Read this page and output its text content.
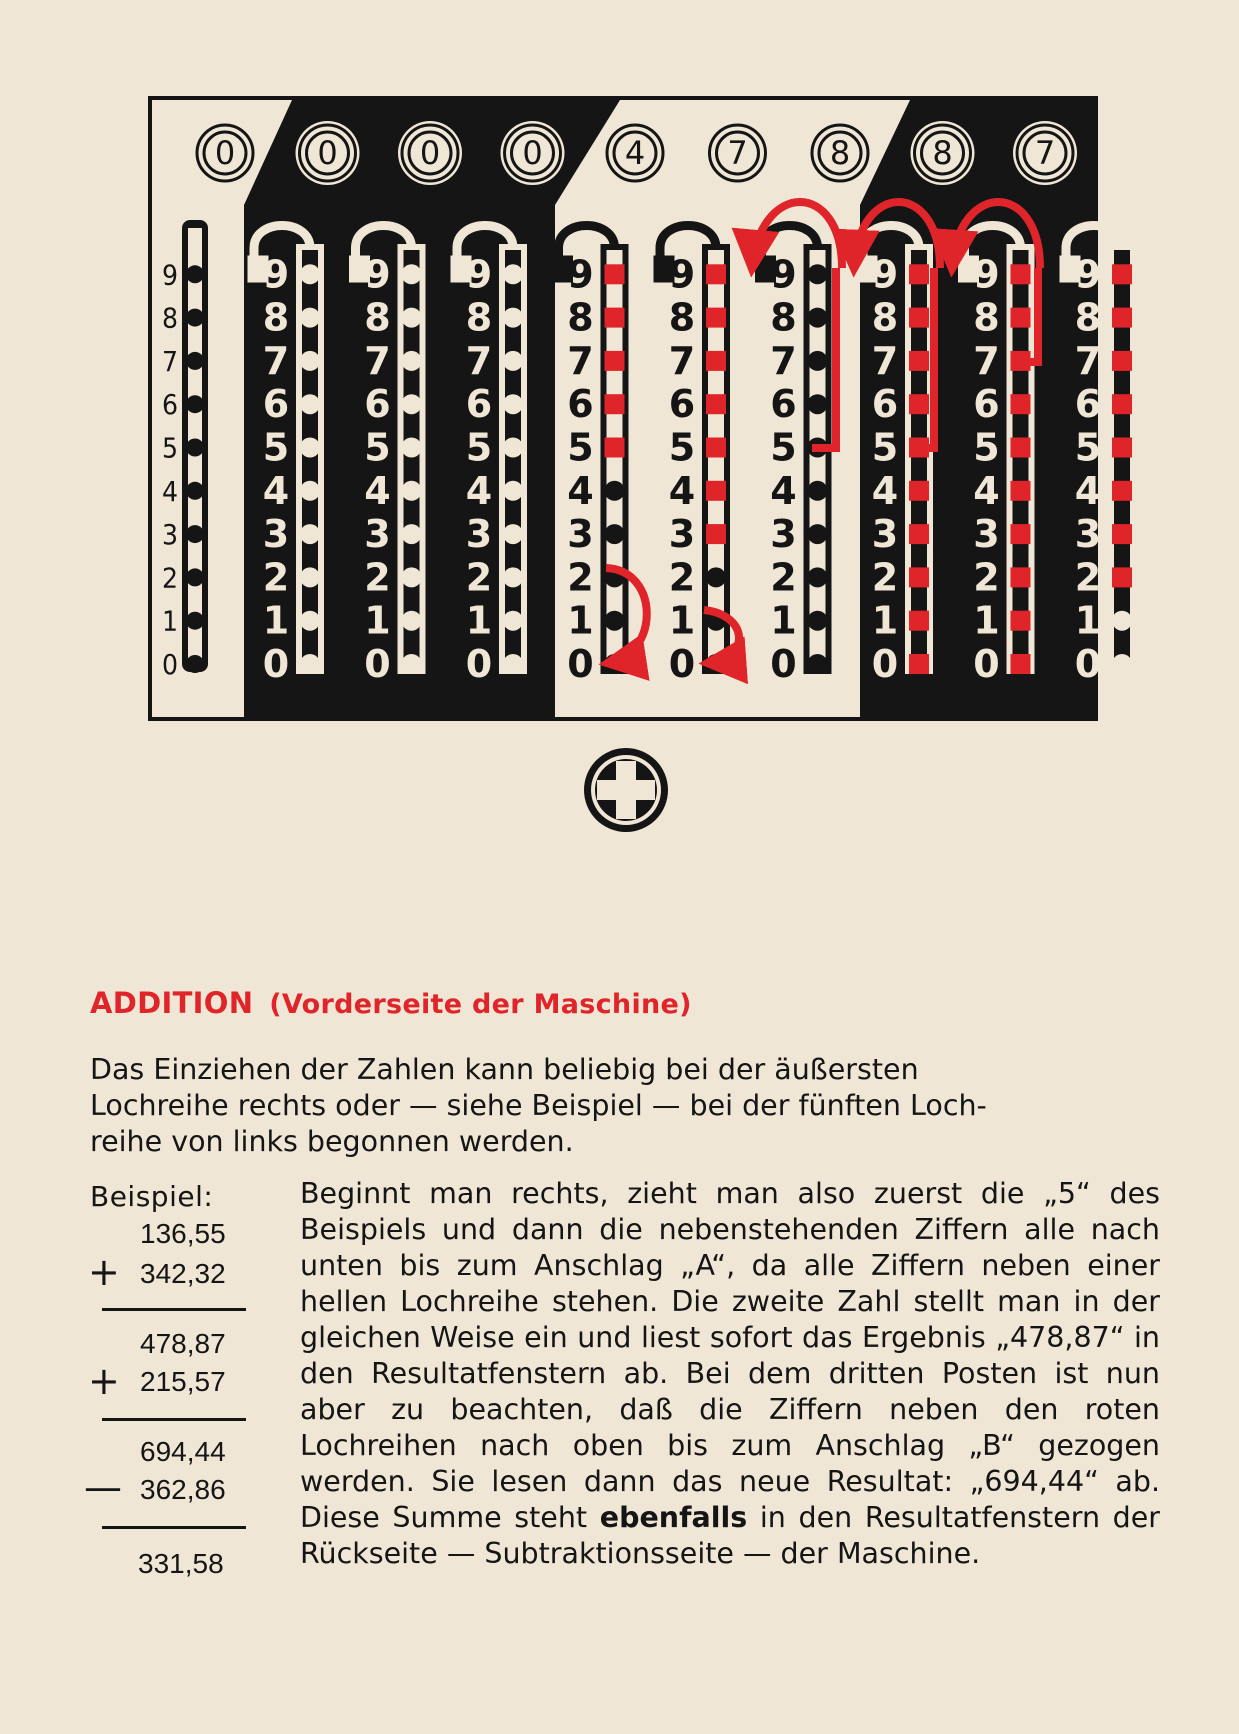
0	0	0	0	4	7	8	8	7
9
8
7
6
5
4
3
2
1
0
9
8
7
6
5
4
3
2
1
0
9
8
7
6
5
4
3
2
1
0
9
8
7
6
5
4
3
2
1
0
9
8
7
6
5
4
3
2
1
0
9
8
7
6
5
4
3
2
1
0
9
8
7
6
5
4
3
2
1
0
9
8
7
6
5
4
3
2
1
0
9
8
7
6
5
4
3
2
1
0
9
8
7
6
5
4
3
2
1
0
ADDITION (Vorderseite der Maschine)
Das Einziehen der Zahlen kann beliebig bei der äußersten
Lochreihe rechts oder — siehe Beispiel — bei der fünften Loch-
reihe von links begonnen werden.
Beispiel:
136,55
+ 342,32
478,87
+ 215,57
694,44
— 362,86
331,58
Beginnt man rechts, zieht man also zuerst die „5“ des Beispiels und dann die nebenstehenden Ziffern alle nach unten bis zum Anschlag „A“, da alle Ziffern neben einer hellen Lochreihe stehen. Die zweite Zahl stellt man in der gleichen Weise ein und liest sofort das Ergebnis „478,87“ in den Resultatfenstern ab. Bei dem dritten Posten ist nun aber zu beachten, daß die Ziffern neben den roten Lochreihen nach oben bis zum Anschlag „B“ gezogen werden. Sie lesen dann das neue Resultat: „694,44“ ab. Diese Summe steht ebenfalls in den Resultatfenstern der Rückseite — Subtraktionsseite — der Maschine.
